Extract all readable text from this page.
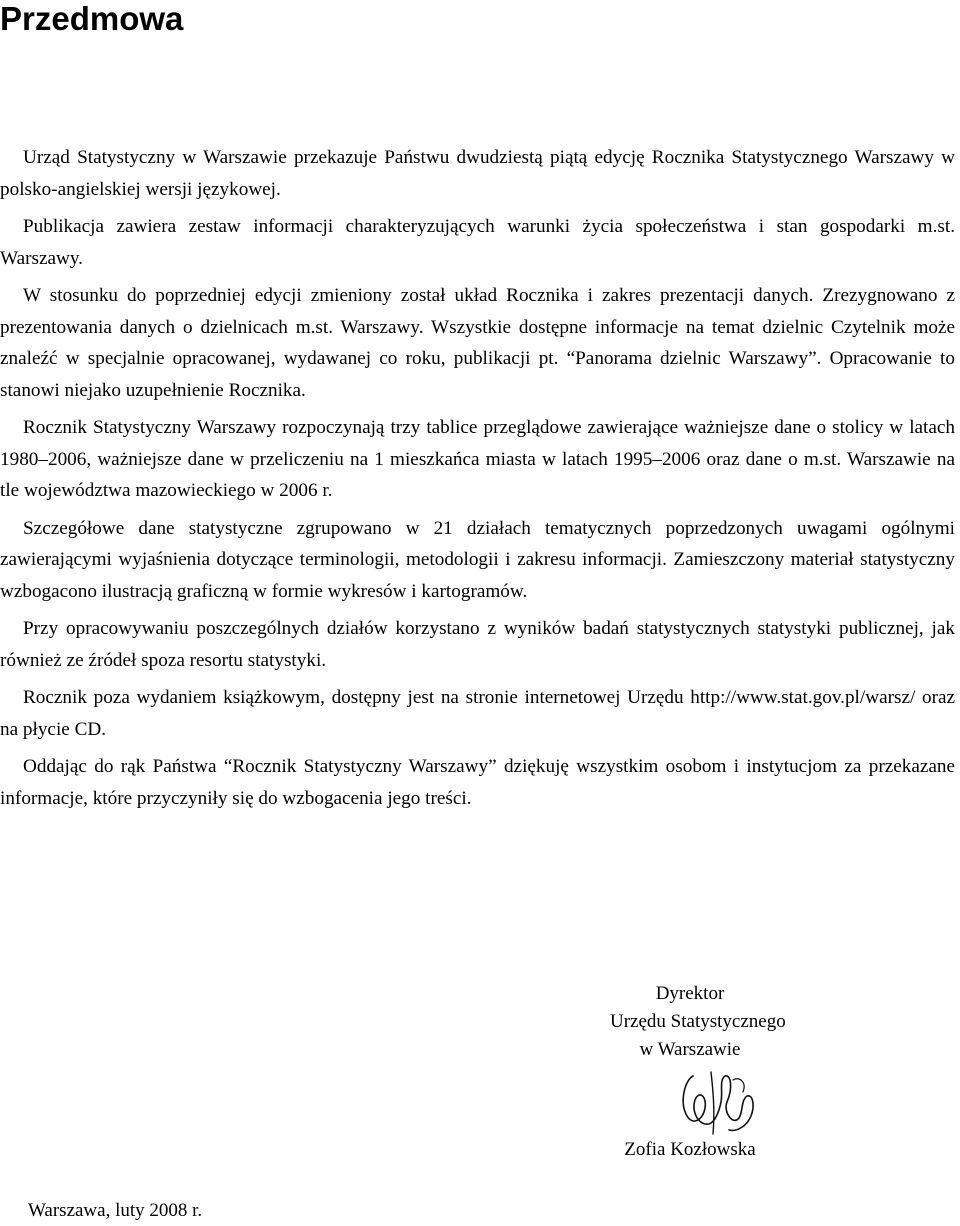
Przedmowa

Urząd Statystyczny w Warszawie przekazuje Państwu dwudziestą piątą edycję Rocznika Statystycznego Warszawy w polsko-angielskiej wersji językowej.

Publikacja zawiera zestaw informacji charakteryzujących warunki życia społeczeństwa i stan gospodarki m.st. Warszawy.

W stosunku do poprzedniej edycji zmieniony został układ Rocznika i zakres prezentacji danych. Zrezygnowano z prezentowania danych o dzielnicach m.st. Warszawy. Wszystkie dostępne informacje na temat dzielnic Czytelnik może znaleźć w specjalnie opracowanej, wydawanej co roku, publikacji pt. “Panorama dzielnic Warszawy”. Opracowanie to stanowi niejako uzupełnienie Rocznika.

Rocznik Statystyczny Warszawy rozpoczynają trzy tablice przeglądowe zawierające ważniejsze dane o stolicy w latach 1980–2006, ważniejsze dane w przeliczeniu na 1 mieszkańca miasta w latach 1995–2006 oraz dane o m.st. Warszawie na tle województwa mazowieckiego w 2006 r.

Szczegółowe dane statystyczne zgrupowano w 21 działach tematycznych poprzedzonych uwagami ogólnymi zawierającymi wyjaśnienia dotyczące terminologii, metodologii i zakresu informacji. Zamieszczony materiał statystyczny wzbogacono ilustracją graficzną w formie wykresów i kartogramów.

Przy opracowywaniu poszczególnych działów korzystano z wyników badań statystycznych statystyki publicznej, jak również ze źródeł spoza resortu statystyki.

Rocznik poza wydaniem książkowym, dostępny jest na stronie internetowej Urzędu http://www.stat.gov.pl/warsz/ oraz na płycie CD.

Oddając do rąk Państwa “Rocznik Statystyczny Warszawy” dziękuję wszystkim osobom i instytucjom za przekazane informacje, które przyczyniły się do wzbogacenia jego treści.

Dyrektor
Urzędu Statystycznego
w Warszawie
Zofia Kozłowska
Warszawa, luty 2008 r.
